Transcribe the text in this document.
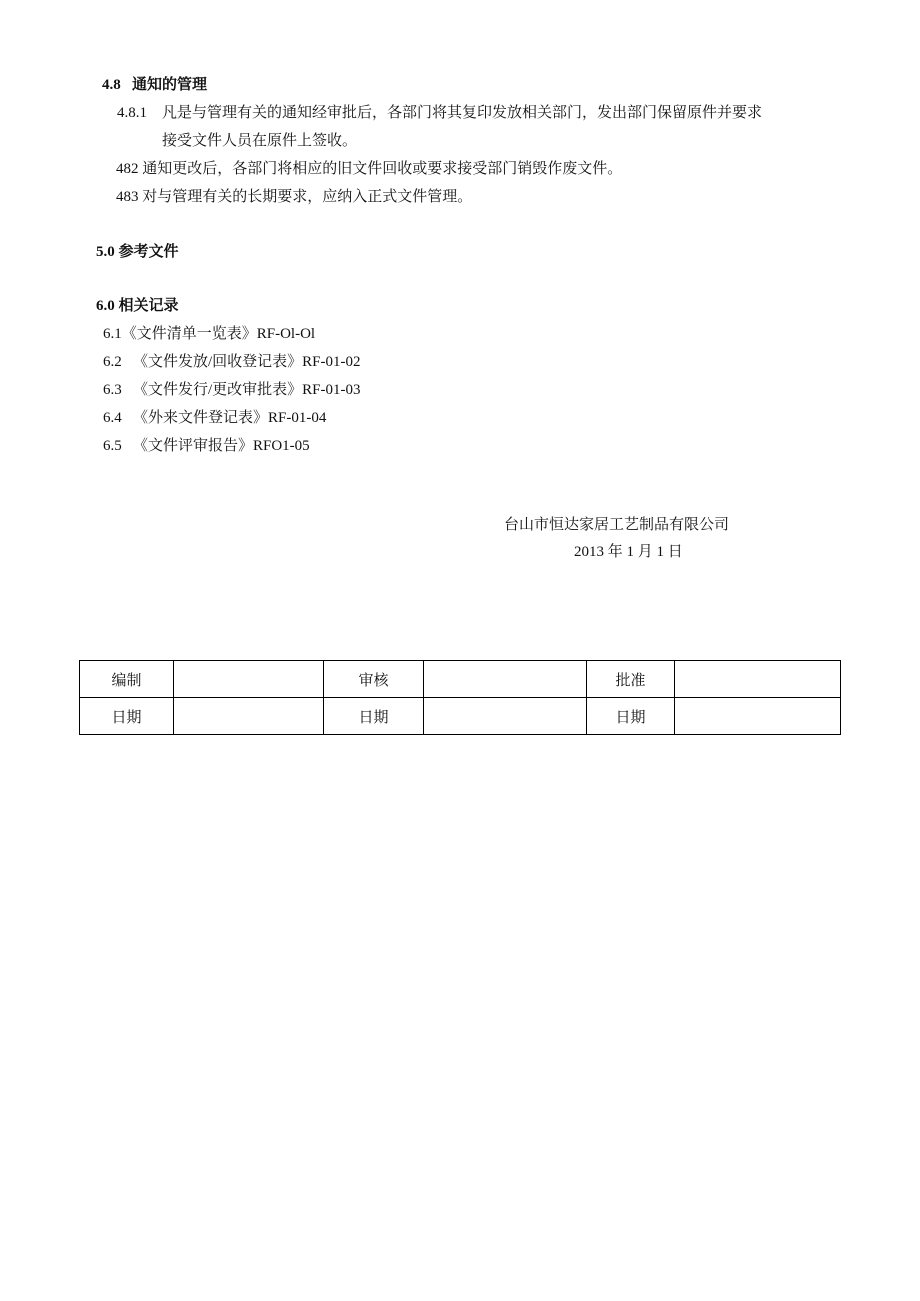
4.8 通知的管理
4.8.1 凡是与管理有关的通知经审批后，各部门将其复印发放相关部门，发出部门保留原件并要求
接受文件人员在原件上签收。
482 通知更改后，各部门将相应的旧文件回收或要求接受部门销毁作废文件。
483 对与管理有关的长期要求，应纳入正式文件管理。
5.0 参考文件
6.0 相关记录
6.1《文件清单一览表》RF-Ol-Ol
6.2 《文件发放/回收登记表》RF-01-02
6.3 《文件发行/更改审批表》RF-01-03
6.4 《外来文件登记表》RF-01-04
6.5 《文件评审报告》RFO1-05
台山市恒达家居工艺制品有限公司
2013 年 1 月 1 日
编制		审核		批准	
日期		日期		日期	
